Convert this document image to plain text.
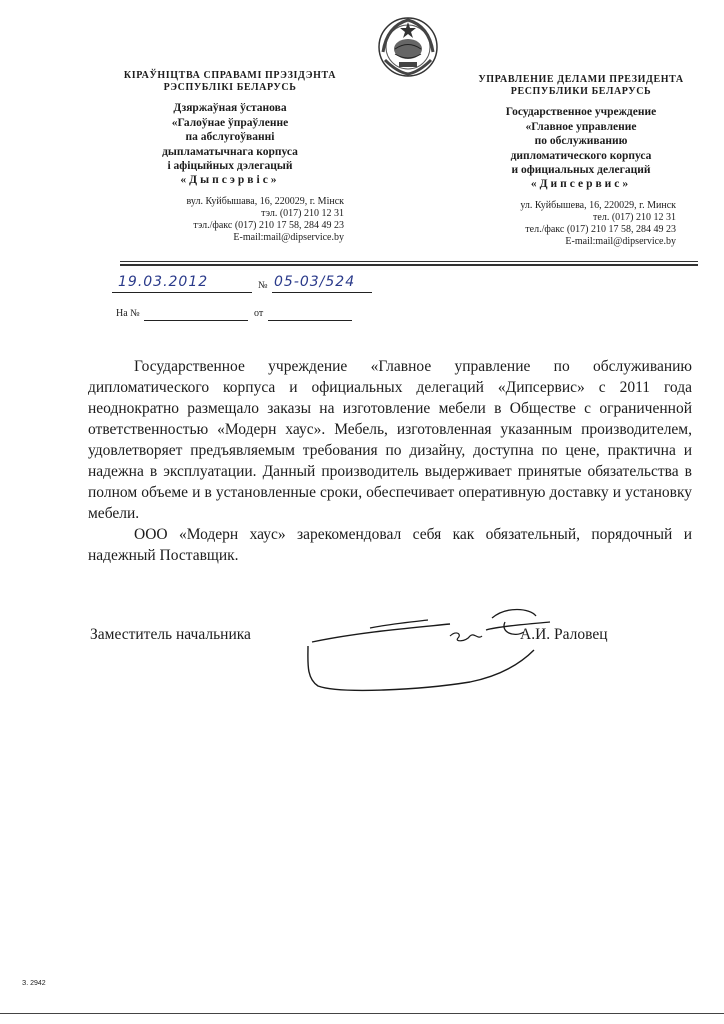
КІРАЎНІЦТВА СПРАВАМІ ПРЭЗІДЭНТА
РЭСПУБЛІКІ БЕЛАРУСЬ
Дзяржаўная ўстанова
«Галоўнае ўпраўленне
па абслугоўванні
дыпламатычнага корпуса
і афіцыйных дэлегацый
«Дыпсэрвіс»
вул. Куйбышава, 16, 220029, г. Мінск
тэл. (017) 210 12 31
тэл./факс (017) 210 17 58, 284 49 23
E-mail:mail@dipservice.by
УПРАВЛЕНИЕ ДЕЛАМИ ПРЕЗИДЕНТА
РЕСПУБЛИКИ БЕЛАРУСЬ
Государственное учреждение
«Главное управление
по обслуживанию
дипломатического корпуса
и официальных делегаций
«Дипсервис»
ул. Куйбышева, 16, 220029, г. Минск
тел. (017) 210 12 31
тел./факс (017) 210 17 58, 284 49 23
E-mail:mail@dipservice.by
19.03.2012	№ 05-03/524
На №	от

Государственное учреждение «Главное управление по обслуживанию дипломатического корпуса и официальных делегаций «Дипсервис» с 2011 года неоднократно размещало заказы на изготовление мебели в Обществе с ограниченной ответственностью «Модерн хаус». Мебель, изготовленная указанным производителем, удовлетворяет предъявляемым требования по дизайну, доступна по цене, практична и надежна в эксплуатации. Данный производитель выдерживает принятые обязательства в полном объеме и в установленные сроки, обеспечивает оперативную доставку и установку мебели.

ООО «Модерн хаус» зарекомендовал себя как обязательный, порядочный и надежный Поставщик.

Заместитель начальника	А.И. Раловец
З. 2942
